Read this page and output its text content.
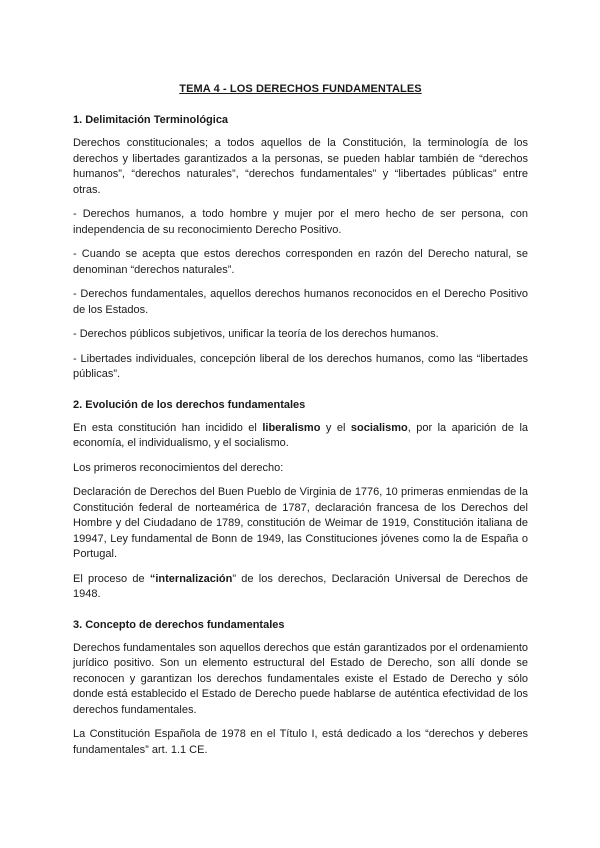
TEMA 4 - LOS DERECHOS FUNDAMENTALES
1. Delimitación Terminológica

Derechos constitucionales; a todos aquellos de la Constitución, la terminología de los derechos y libertades garantizados a la personas, se pueden hablar también de “derechos humanos”, “derechos naturales”, “derechos fundamentales” y “libertades públicas” entre otras.

- Derechos humanos, a todo hombre y mujer por el mero hecho de ser persona, con independencia de su reconocimiento Derecho Positivo.

- Cuando se acepta que estos derechos corresponden en razón del Derecho natural, se denominan “derechos naturales”.

- Derechos fundamentales, aquellos derechos humanos reconocidos en el Derecho Positivo de los Estados.

- Derechos públicos subjetivos, unificar la teoría de los derechos humanos.

- Libertades individuales, concepción liberal de los derechos humanos, como las “libertades públicas”.

2. Evolución de los derechos fundamentales

En esta constitución han incidido el liberalismo y el socialismo, por la aparición de la economía, el individualismo, y el socialismo.

Los primeros reconocimientos del derecho:

Declaración de Derechos del Buen Pueblo de Virginia de 1776, 10 primeras enmiendas de la Constitución federal de norteamérica de 1787, declaración francesa de los Derechos del Hombre y del Ciudadano de 1789, constitución de Weimar de 1919, Constitución italiana de 19947, Ley fundamental de Bonn de 1949, las Constituciones jóvenes como la de España o Portugal.

El proceso de “internalización” de los derechos, Declaración Universal de Derechos de 1948.

3. Concepto de derechos fundamentales

Derechos fundamentales son aquellos derechos que están garantizados por el ordenamiento jurídico positivo. Son un elemento estructural del Estado de Derecho, son allí donde se reconocen y garantizan los derechos fundamentales existe el Estado de Derecho y sólo donde está establecido el Estado de Derecho puede hablarse de auténtica efectividad de los derechos fundamentales.

La Constitución Española de 1978 en el Título I, está dedicado a los “derechos y deberes fundamentales” art. 1.1 CE.
